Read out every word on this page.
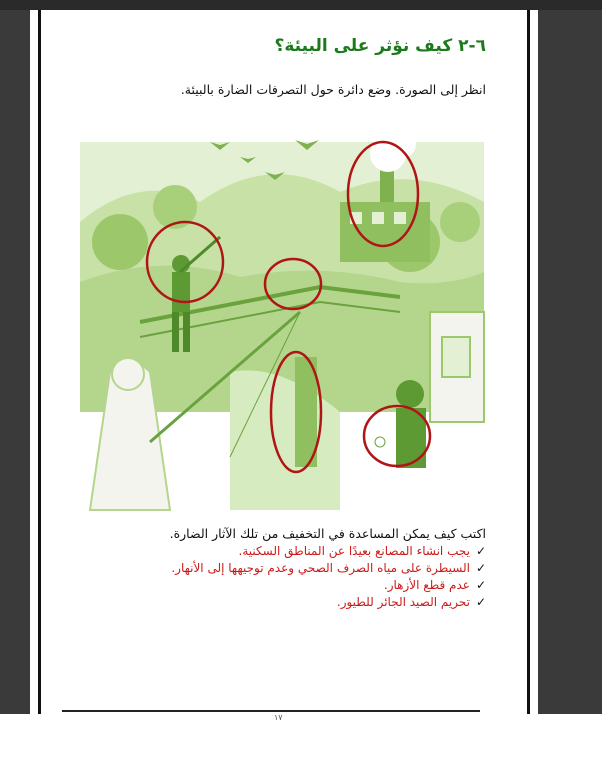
٦-٢ كيف نؤثر على البيئة؟
انظر إلى الصورة. وضع دائرة حول التصرفات الضارة بالبيئة.
اكتب كيف يمكن المساعدة في التخفيف من تلك الآثار الضارة.
✓يجب انشاء المصانع بعيدًا عن المناطق السكنية.
✓السيطرة على مياه الصرف الصحي وعدم توجيهها إلى الأنهار.
✓عدم قطع الأزهار.
✓تحريم الصيد الجائر للطيور.
١٧
